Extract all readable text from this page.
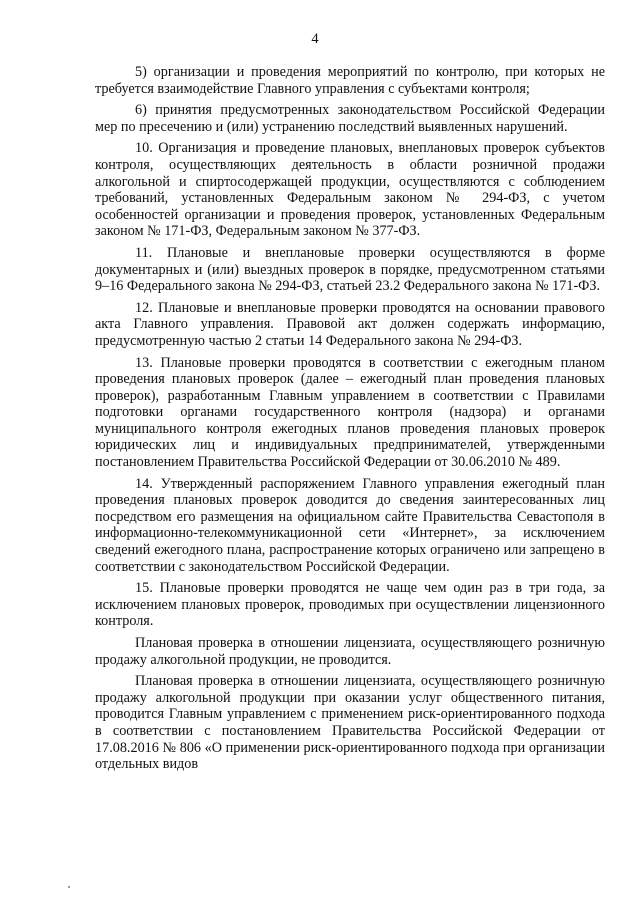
4

5) организации и проведения мероприятий по контролю, при которых не требуется взаимодействие Главного управления с субъектами контроля;

6) принятия предусмотренных законодательством Российской Федерации мер по пресечению и (или) устранению последствий выявленных нарушений.

10. Организация и проведение плановых, внеплановых проверок субъектов контроля, осуществляющих деятельность в области розничной продажи алкогольной и спиртосодержащей продукции, осуществляются с соблюдением требований, установленных Федеральным законом № 294-ФЗ, с учетом особенностей организации и проведения проверок, установленных Федеральным законом № 171-ФЗ, Федеральным законом № 377-ФЗ.

11. Плановые и внеплановые проверки осуществляются в форме документарных и (или) выездных проверок в порядке, предусмотренном статьями 9–16 Федерального закона № 294-ФЗ, статьей 23.2 Федерального закона № 171-ФЗ.

12. Плановые и внеплановые проверки проводятся на основании правового акта Главного управления. Правовой акт должен содержать информацию, предусмотренную частью 2 статьи 14 Федерального закона № 294-ФЗ.

13. Плановые проверки проводятся в соответствии с ежегодным планом проведения плановых проверок (далее – ежегодный план проведения плановых проверок), разработанным Главным управлением в соответствии с Правилами подготовки органами государственного контроля (надзора) и органами муниципального контроля ежегодных планов проведения плановых проверок юридических лиц и индивидуальных предпринимателей, утвержденными постановлением Правительства Российской Федерации от 30.06.2010 № 489.

14. Утвержденный распоряжением Главного управления ежегодный план проведения плановых проверок доводится до сведения заинтересованных лиц посредством его размещения на официальном сайте Правительства Севастополя в информационно-телекоммуникационной сети «Интернет», за исключением сведений ежегодного плана, распространение которых ограничено или запрещено в соответствии с законодательством Российской Федерации.

15. Плановые проверки проводятся не чаще чем один раз в три года, за исключением плановых проверок, проводимых при осуществлении лицензионного контроля.

Плановая проверка в отношении лицензиата, осуществляющего розничную продажу алкогольной продукции, не проводится.

Плановая проверка в отношении лицензиата, осуществляющего розничную продажу алкогольной продукции при оказании услуг общественного питания, проводится Главным управлением с применением риск-ориентированного подхода в соответствии с постановлением Правительства Российской Федерации от 17.08.2016 № 806 «О применении риск-ориентированного подхода при организации отдельных видов
